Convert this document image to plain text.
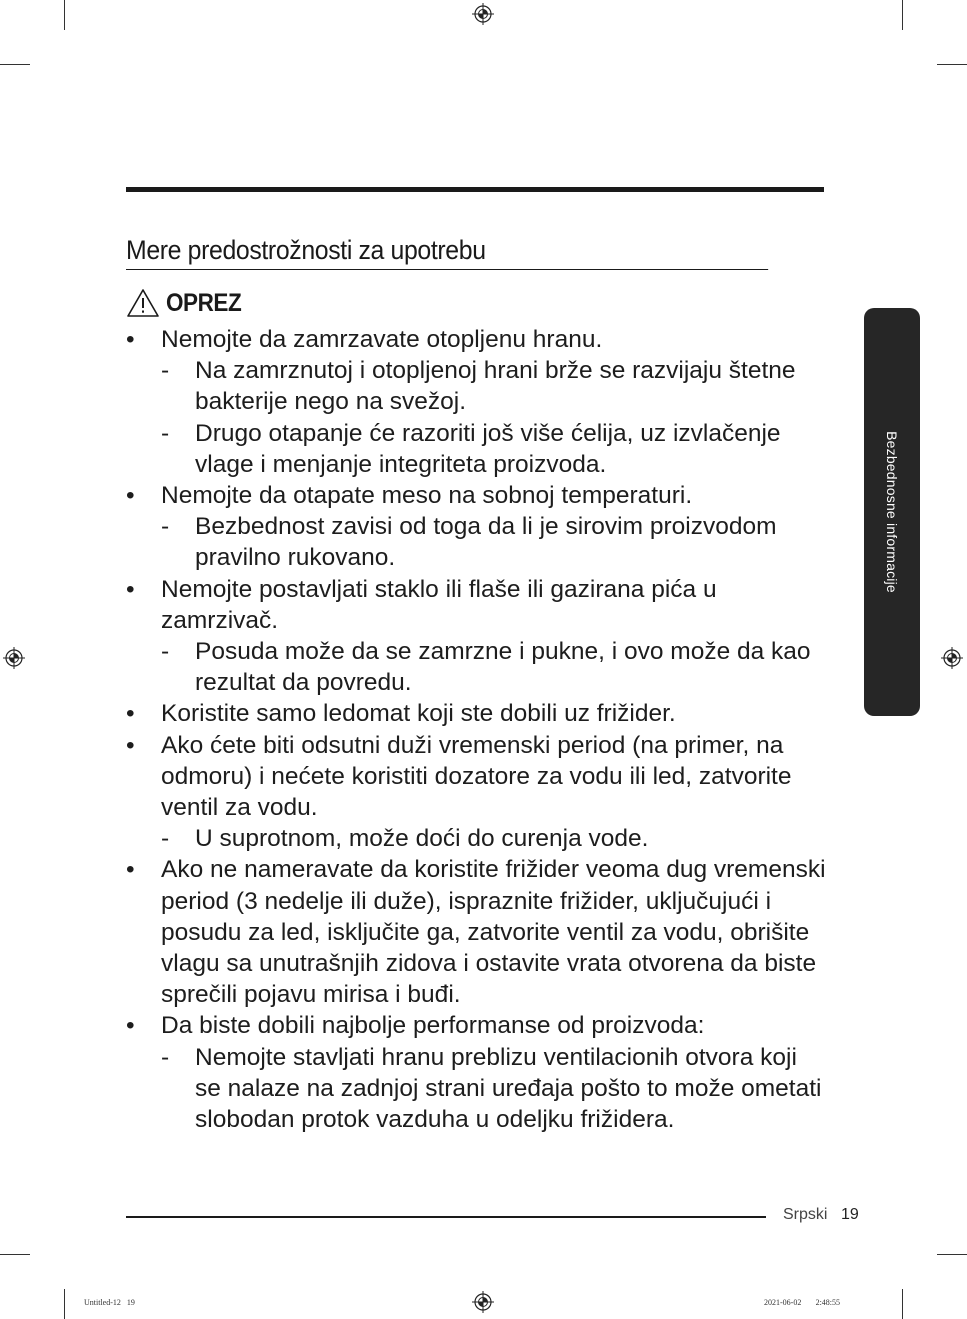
Mere predostrožnosti za upotrebu
OPREZ
•	Nemojte da zamrzavate otopljenu hranu.
-	Na zamrznutoj i otopljenoj hrani brže se razvijaju štetne bakterije nego na svežoj.
-	Drugo otapanje će razoriti još više ćelija, uz izvlačenje vlage i menjanje integriteta proizvoda.
•	Nemojte da otapate meso na sobnoj temperaturi.
-	Bezbednost zavisi od toga da li je sirovim proizvodom pravilno rukovano.
•	Nemojte postavljati staklo ili flaše ili gazirana pića u zamrzivač.
-	Posuda može da se zamrzne i pukne, i ovo može da kao rezultat da povredu.
•	Koristite samo ledomat koji ste dobili uz frižider.
•	Ako ćete biti odsutni duži vremenski period (na primer, na odmoru) i nećete koristiti dozatore za vodu ili led, zatvorite ventil za vodu.
-	U suprotnom, može doći do curenja vode.
•	Ako ne nameravate da koristite frižider veoma dug vremenski period (3 nedelje ili duže), ispraznite frižider, uključujući i posudu za led, isključite ga, zatvorite ventil za vodu, obrišite vlagu sa unutrašnjih zidova i ostavite vrata otvorena da biste sprečili pojavu mirisa i buđi.
•	Da biste dobili najbolje performanse od proizvoda:
-	Nemojte stavljati hranu preblizu ventilacionih otvora koji se nalaze na zadnjoj strani uređaja pošto to može ometati slobodan protok vazduha u odeljku frižidera.
Bezbednosne informacije
Srpski 19
Untitled-12 19	2021-06-02 󰀀 2:48:55
